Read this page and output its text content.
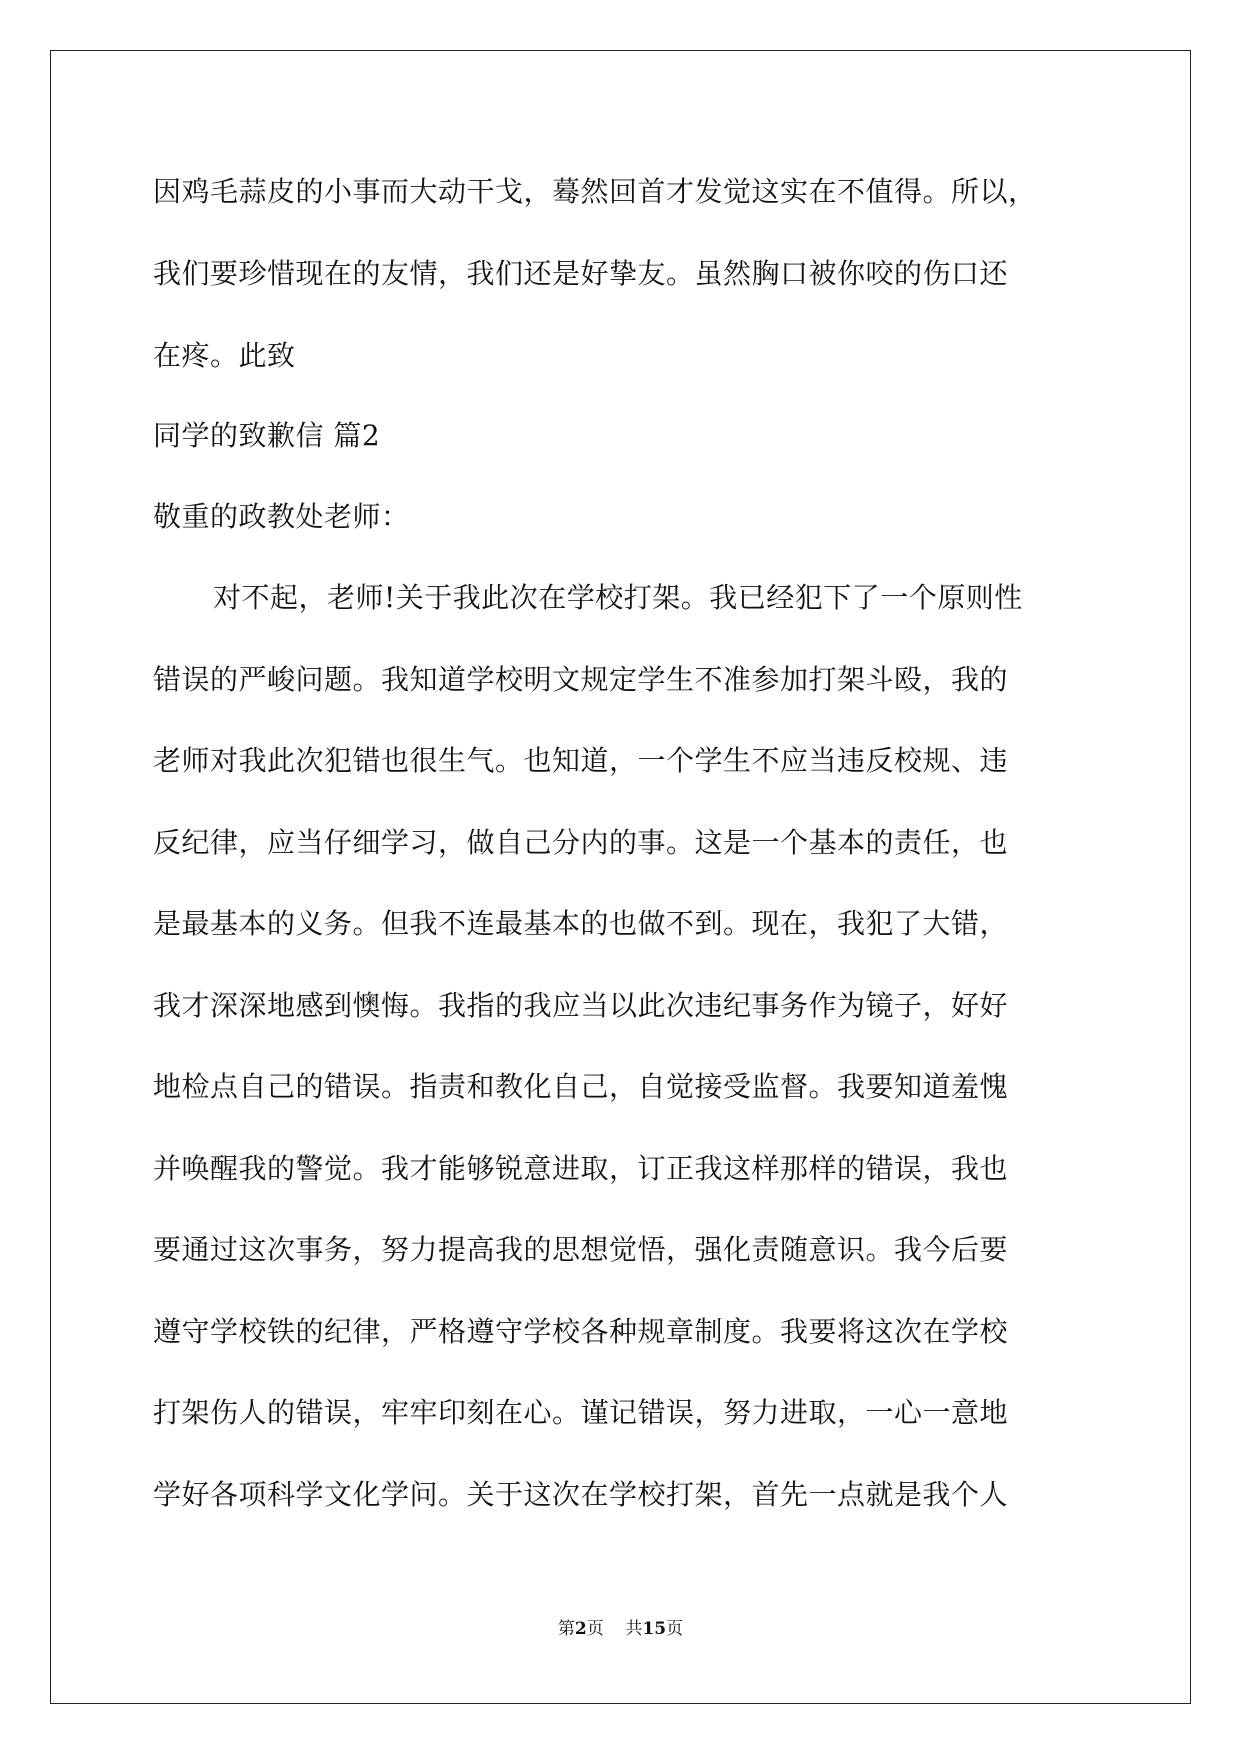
因鸡毛蒜皮的小事而大动干戈，蓦然回首才发觉这实在不值得。所以，
我们要珍惜现在的友情，我们还是好挚友。虽然胸口被你咬的伤口还
在疼。此致
同学的致歉信 篇2
敬重的政教处老师：
对不起，老师!关于我此次在学校打架。我已经犯下了一个原则性
错误的严峻问题。我知道学校明文规定学生不准参加打架斗殴，我的
老师对我此次犯错也很生气。也知道，一个学生不应当违反校规、违
反纪律，应当仔细学习，做自己分内的事。这是一个基本的责任，也
是最基本的义务。但我不连最基本的也做不到。现在，我犯了大错，
我才深深地感到懊悔。我指的我应当以此次违纪事务作为镜子，好好
地检点自己的错误。指责和教化自己，自觉接受监督。我要知道羞愧
并唤醒我的警觉。我才能够锐意进取，订正我这样那样的错误，我也
要通过这次事务，努力提高我的思想觉悟，强化责随意识。我今后要
遵守学校铁的纪律，严格遵守学校各种规章制度。我要将这次在学校
打架伤人的错误，牢牢印刻在心。谨记错误，努力进取，一心一意地
学好各项科学文化学问。关于这次在学校打架，首先一点就是我个人
第2页 共15页
